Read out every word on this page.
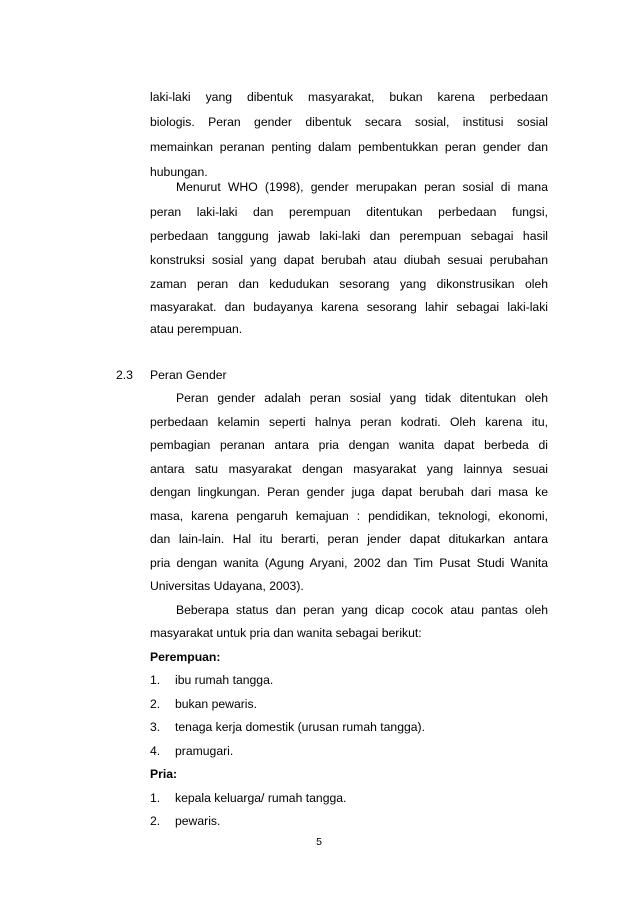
laki-laki yang dibentuk masyarakat, bukan karena perbedaan
biologis. Peran gender dibentuk secara sosial, institusi sosial
memainkan peranan penting dalam pembentukkan peran gender dan
hubungan.
Menurut WHO (1998), gender merupakan peran sosial di mana
peran laki-laki dan perempuan ditentukan perbedaan fungsi,
perbedaan tanggung jawab laki-laki dan perempuan sebagai hasil
konstruksi sosial yang dapat berubah atau diubah sesuai perubahan
zaman peran dan kedudukan sesorang yang dikonstrusikan oleh
masyarakat. dan budayanya karena sesorang lahir sebagai laki-laki
atau perempuan.
2.3 Peran Gender
Peran gender adalah peran sosial yang tidak ditentukan oleh
perbedaan kelamin seperti halnya peran kodrati. Oleh karena itu,
pembagian peranan antara pria dengan wanita dapat berbeda di
antara satu masyarakat dengan masyarakat yang lainnya sesuai
dengan lingkungan. Peran gender juga dapat berubah dari masa ke
masa, karena pengaruh kemajuan : pendidikan, teknologi, ekonomi,
dan lain-lain. Hal itu berarti, peran jender dapat ditukarkan antara
pria dengan wanita (Agung Aryani, 2002 dan Tim Pusat Studi Wanita
Universitas Udayana, 2003).
Beberapa status dan peran yang dicap cocok atau pantas oleh
masyarakat untuk pria dan wanita sebagai berikut:
Perempuan:
1. ibu rumah tangga.
2. bukan pewaris.
3. tenaga kerja domestik (urusan rumah tangga).
4. pramugari.
Pria:
1. kepala keluarga/ rumah tangga.
2. pewaris.
5
